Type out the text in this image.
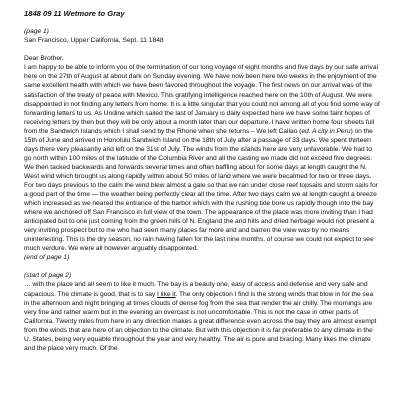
1848 09 11 Wetmore to Gray

(page 1)

San Francisco, Upper California, Sept. 11 1848

Dear Brother,

I am happy to be able to inform you of the termination of our long voyage of eight months and five days by our safe arrival here on the 27th of August at about dark on Sunday evening. We have now been here two weeks in the enjoyment of the same excellent health with which we have been favored throughout the voyage. The first news on our arrival was of the satisfaction of the treaty of peace with Mexico. This gratifying intelligence reached here on the 10th of August. We were disappointed in not finding any letters from home. It is a little singular that you could not among all of you find some way of forwarding letters to us. As Undine which sailed the last of January is daily expected here we have some faint hopes of receiving letters by then but they will be only about a month later than our departure. I have written home four sheets full from the Sandwich Islands which I shall send by the Rhone when she returns – We left Callao (ed. A city in Peru) on the 15th of June and arrived in Honolulu Sandwich Island on the 18th of July after a passage of 33 days. We spent thirteen days there very pleasantly and left on the 31st of July. The winds from the islands here are very unfavorable. We had to go north within 100 miles of the latitude of the Columbia River and all the casting we made did not exceed five degrees. We then tacked backwards and forwards several times and often baffling about for some days at length caught the N. West wind which brought us along rapidly within about 50 miles of land where we were becalmed for two or three days. For two days previous to the calm the wind blew almost a gale so that we ran under close reef topsails and storm sails for a good part of the time — the weather being perfectly clear all the time. After two days calm we at length caught a breeze which increased as we neared the entrance of the harbor which with the rushing tide bore us rapidly though into the bay where we anchored off San Francisco in full view of the town. The appearance of the place was more inviting than I had anticipated but to one just coming from the green hills of N. England the arid hills and dried herbage would not present a very inviting prospect but to me who had seen many places far more arid and barren the view was by no means uninteresting. This is the dry season, no rain having fallen for the last nine months, of course we could not expect to see much verdure. We were all however arguably disappointed.

(end of page 1)

(start of page 2)

… with the place and all seem to like it much. The bay is a beauty one, easy of access and defense and very safe and capacious. The climate is good, that is to say I like it. The only objection I find is the strong winds that blow in for the sea in the afternoon and night bringing at times clouds of dense fog from the sea that render the air chilly. The mornings are very fine and rather warm but in the evening an overcast is not uncomfortable. This is not the case in other parts of California. Twenty miles from here in any direction makes a great difference even across the bay they are almost exempt from the winds that are here of an objection to the climate. But with this objection it is far preferable to any climate in the U. States, being very equable throughout the year and very healthy. The air is pure and bracing. Many likes the climate and the place very much. Of the
